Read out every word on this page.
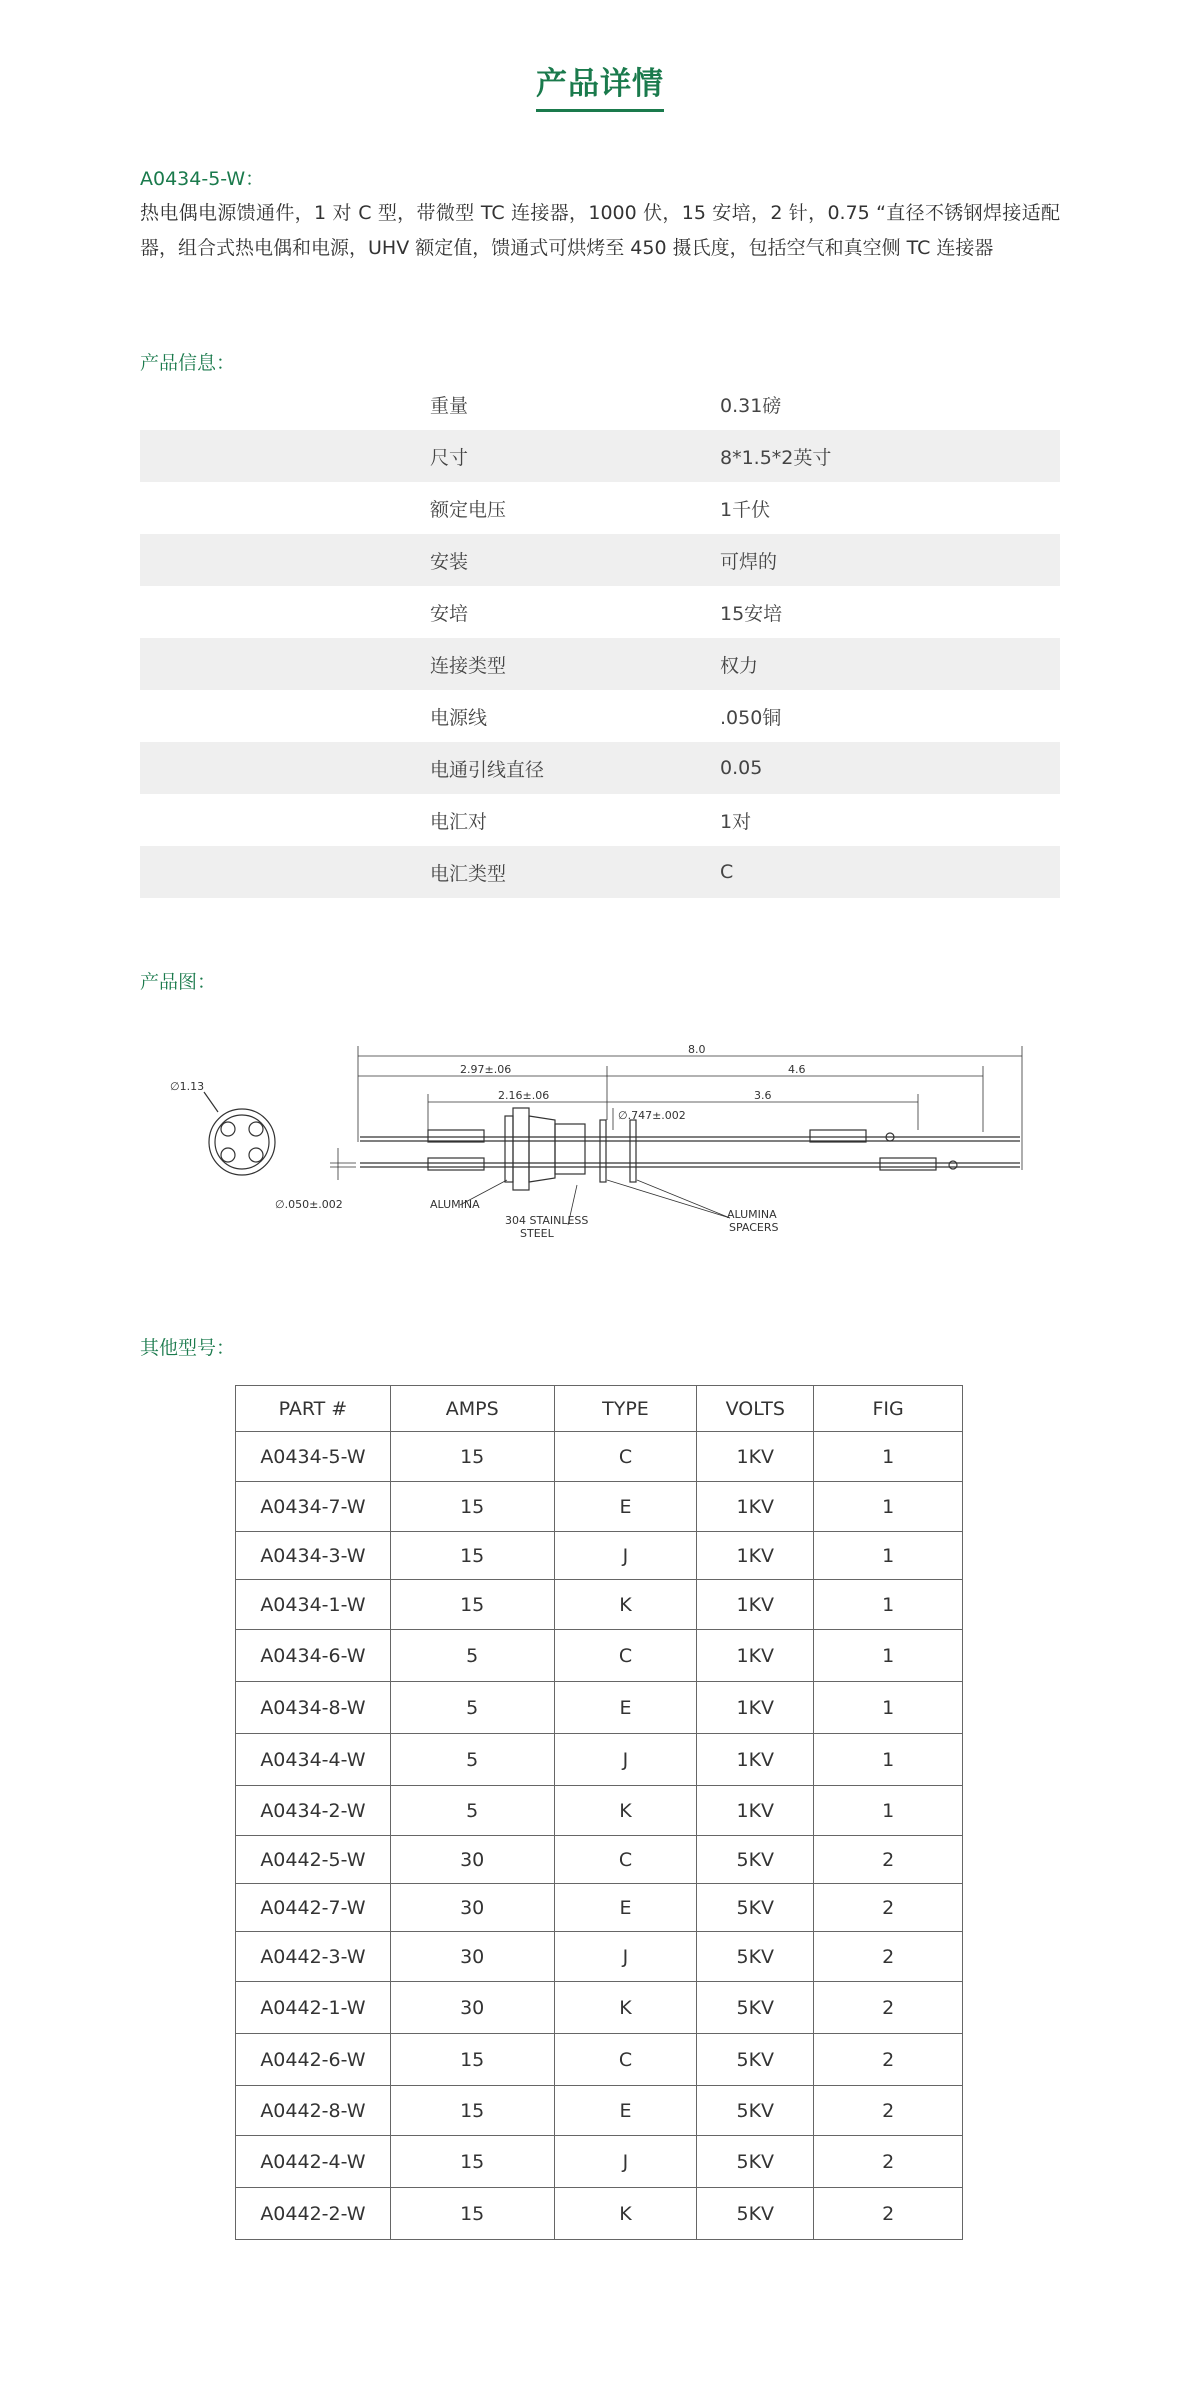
产品详情
A0434-5-W：
热电偶电源馈通件，1 对 C 型，带微型 TC 连接器，1000 伏，15 安培，2 针，0.75 “直径不锈钢焊接适配器，组合式热电偶和电源，UHV 额定值，馈通式可烘烤至 450 摄氏度，包括空气和真空侧 TC 连接器
产品信息：
重量	0.31磅
尺寸	8*1.5*2英寸
额定电压	1千伏
安装	可焊的
安培	15安培
连接类型	权力
电源线	.050铜
电通引线直径	0.05
电汇对	1对
电汇类型	C
产品图：
∅1.13
8.0
2.97±.06	4.6
2.16±.06	3.6
∅.747±.002
∅.050±.002	ALUMINA
304 STAINLESS
STEEL
ALUMINA
SPACERS
其他型号：
PART #	AMPS	TYPE	VOLTS	FIG
A0434-5-W	15	C	1KV	1
A0434-7-W	15	E	1KV	1
A0434-3-W	15	J	1KV	1
A0434-1-W	15	K	1KV	1
A0434-6-W	5	C	1KV	1
A0434-8-W	5	E	1KV	1
A0434-4-W	5	J	1KV	1
A0434-2-W	5	K	1KV	1
A0442-5-W	30	C	5KV	2
A0442-7-W	30	E	5KV	2
A0442-3-W	30	J	5KV	2
A0442-1-W	30	K	5KV	2
A0442-6-W	15	C	5KV	2
A0442-8-W	15	E	5KV	2
A0442-4-W	15	J	5KV	2
A0442-2-W	15	K	5KV	2
